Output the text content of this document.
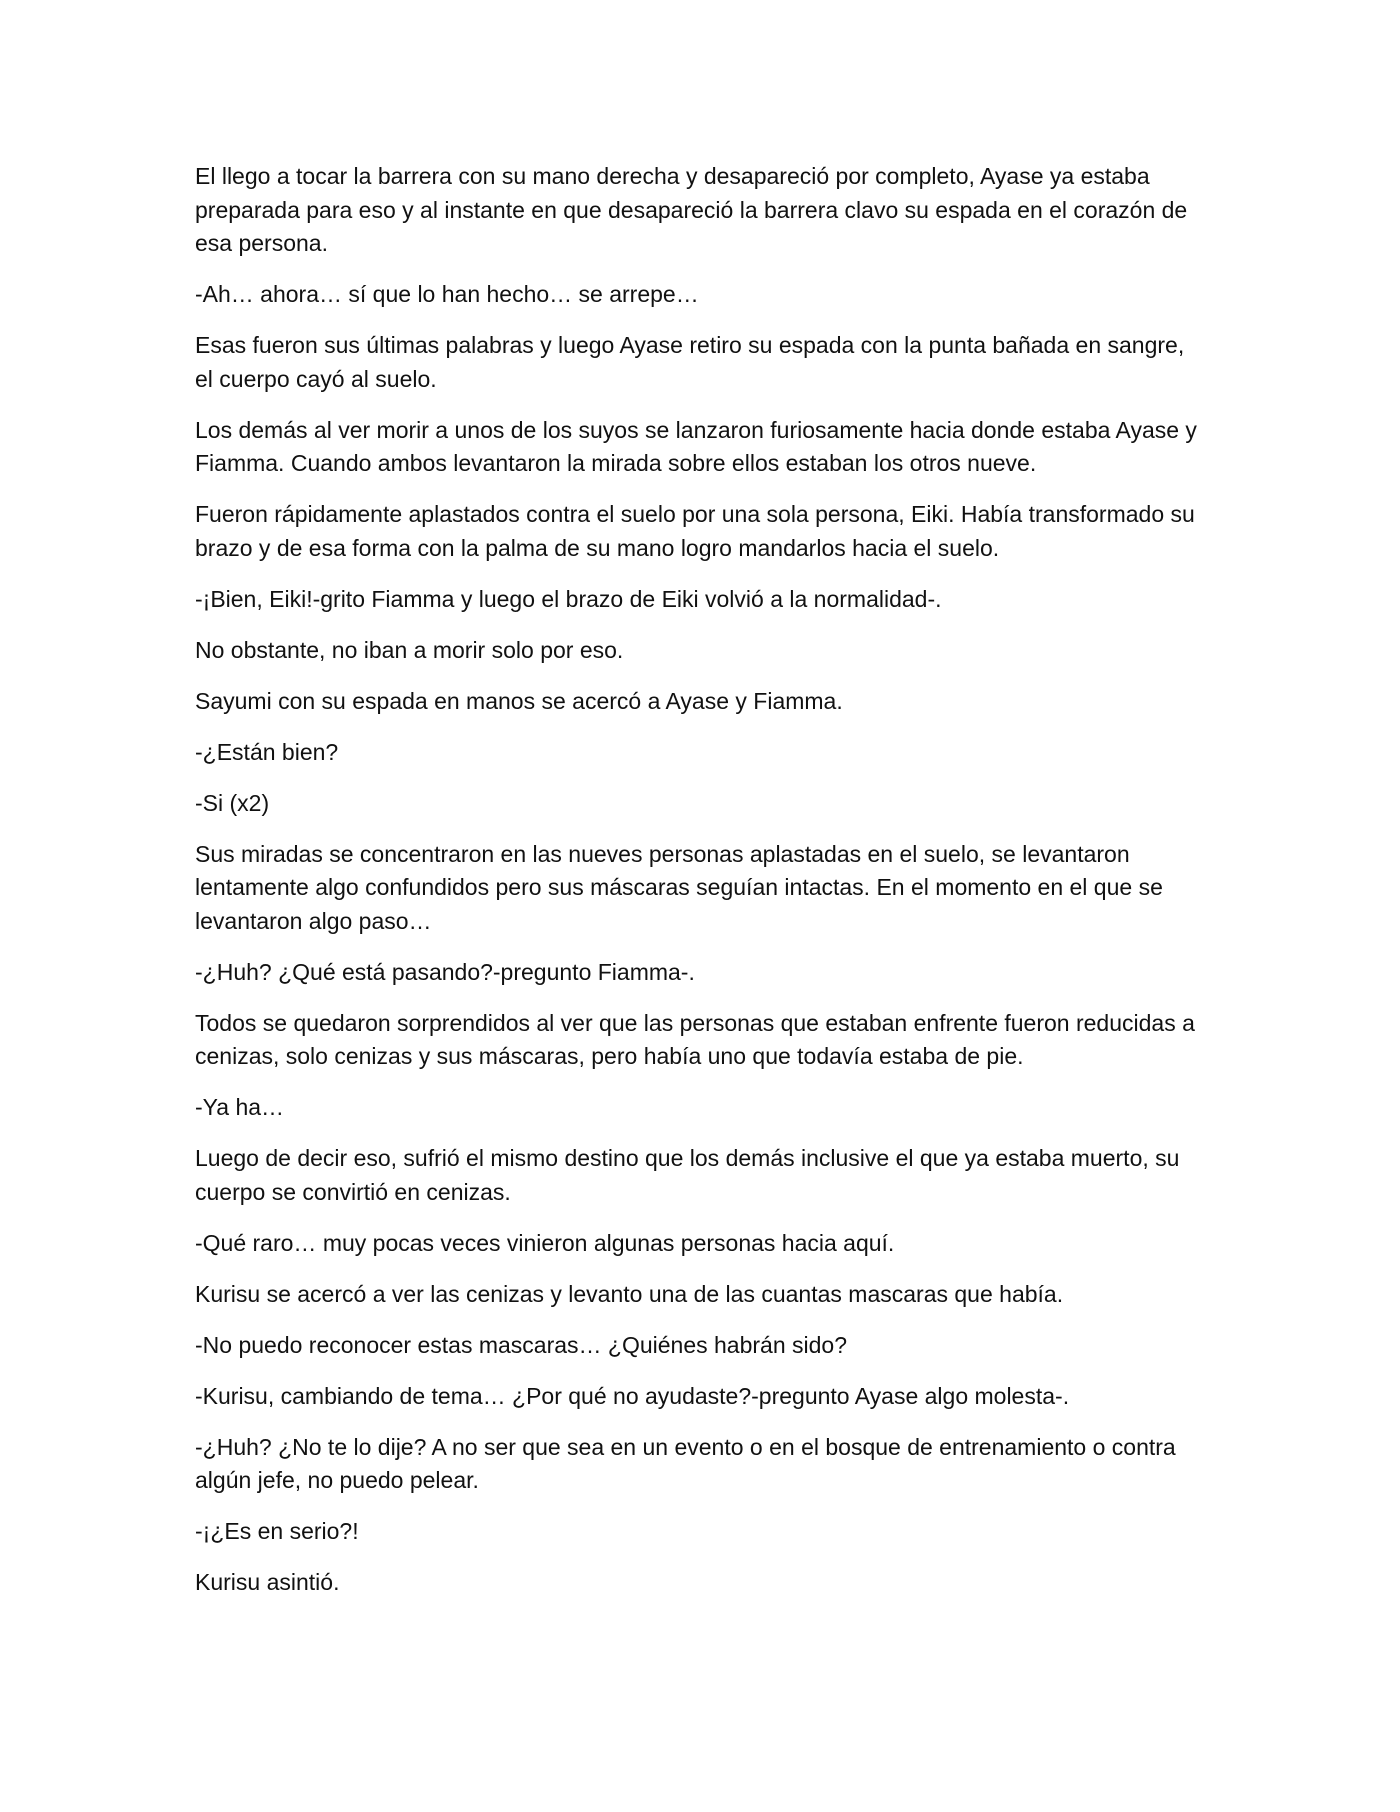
El llego a tocar la barrera con su mano derecha y desapareció por completo, Ayase ya estaba preparada para eso y al instante en que desapareció la barrera clavo su espada en el corazón de esa persona.

-Ah… ahora… sí que lo han hecho… se arrepe…

Esas fueron sus últimas palabras y luego Ayase retiro su espada con la punta bañada en sangre, el cuerpo cayó al suelo.

Los demás al ver morir a unos de los suyos se lanzaron furiosamente hacia donde estaba Ayase y Fiamma. Cuando ambos levantaron la mirada sobre ellos estaban los otros nueve.

Fueron rápidamente aplastados contra el suelo por una sola persona, Eiki. Había transformado su brazo y de esa forma con la palma de su mano logro mandarlos hacia el suelo.

-¡Bien, Eiki!-grito Fiamma y luego el brazo de Eiki volvió a la normalidad-.

No obstante, no iban a morir solo por eso.

Sayumi con su espada en manos se acercó a Ayase y Fiamma.

-¿Están bien?

-Si (x2)

Sus miradas se concentraron en las nueves personas aplastadas en el suelo, se levantaron lentamente algo confundidos pero sus máscaras seguían intactas. En el momento en el que se levantaron algo paso…

-¿Huh? ¿Qué está pasando?-pregunto Fiamma-.

Todos se quedaron sorprendidos al ver que las personas que estaban enfrente fueron reducidas a cenizas, solo cenizas y sus máscaras, pero había uno que todavía estaba de pie.

-Ya ha…

Luego de decir eso, sufrió el mismo destino que los demás inclusive el que ya estaba muerto, su cuerpo se convirtió en cenizas.

-Qué raro… muy pocas veces vinieron algunas personas hacia aquí.

Kurisu se acercó a ver las cenizas y levanto una de las cuantas mascaras que había.

-No puedo reconocer estas mascaras… ¿Quiénes habrán sido?

-Kurisu, cambiando de tema… ¿Por qué no ayudaste?-pregunto Ayase algo molesta-.

-¿Huh? ¿No te lo dije? A no ser que sea en un evento o en el bosque de entrenamiento o contra algún jefe, no puedo pelear.

-¡¿Es en serio?!

Kurisu asintió.
